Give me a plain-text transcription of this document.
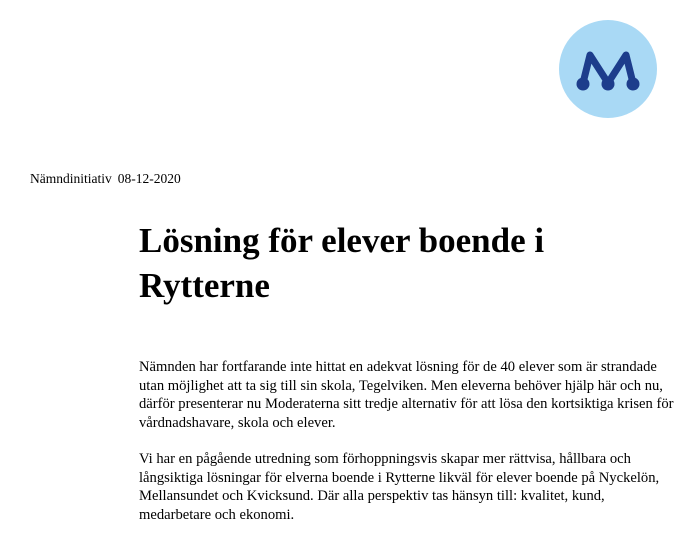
Nämndinitiativ 08-12-2020
Lösning för elever boende i
Rytterne

Nämnden har fortfarande inte hittat en adekvat lösning för de 40 elever som är strandade utan möjlighet att ta sig till sin skola, Tegelviken. Men eleverna behöver hjälp här och nu, därför presenterar nu Moderaterna sitt tredje alternativ för att lösa den kortsiktiga krisen för vårdnadshavare, skola och elever.

Vi har en pågående utredning som förhoppningsvis skapar mer rättvisa, hållbara och långsiktiga lösningar för elverna boende i Rytterne likväl för elever boende på Nyckelön, Mellansundet och Kvicksund. Där alla perspektiv tas hänsyn till: kvalitet, kund, medarbetare och ekonomi.
